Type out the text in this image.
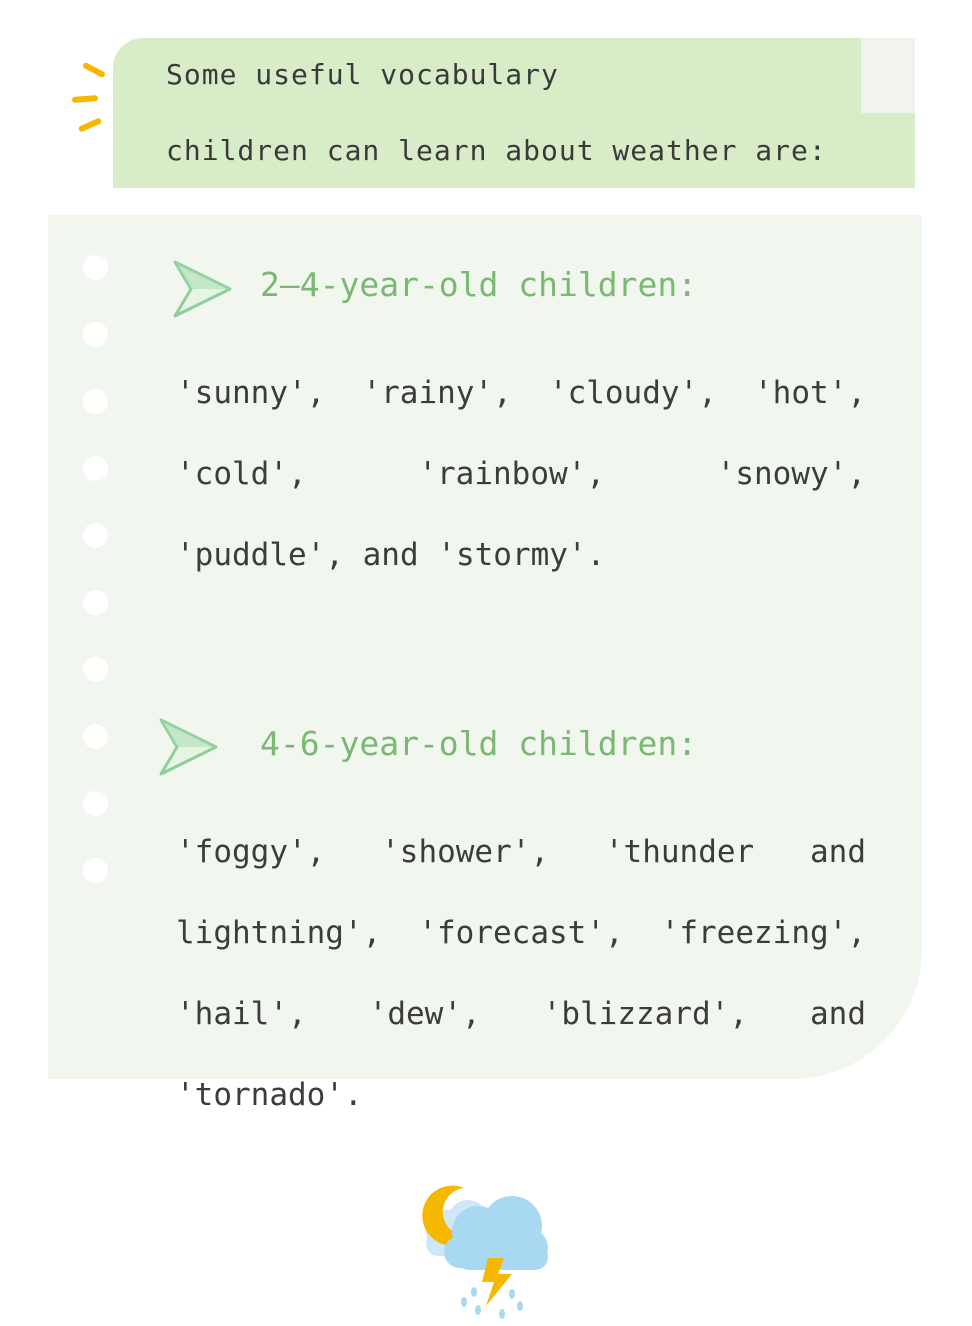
Some useful vocabulary
children can learn about weather are:
2‒4-year-old children:
'sunny', 'rainy', 'cloudy', 'hot', 'cold', 'rainbow', 'snowy', 'puddle', and 'stormy'.
4-6-year-old children:
'foggy', 'shower', 'thunder and lightning', 'forecast', 'freezing', 'hail', 'dew', 'blizzard', and 'tornado'.
